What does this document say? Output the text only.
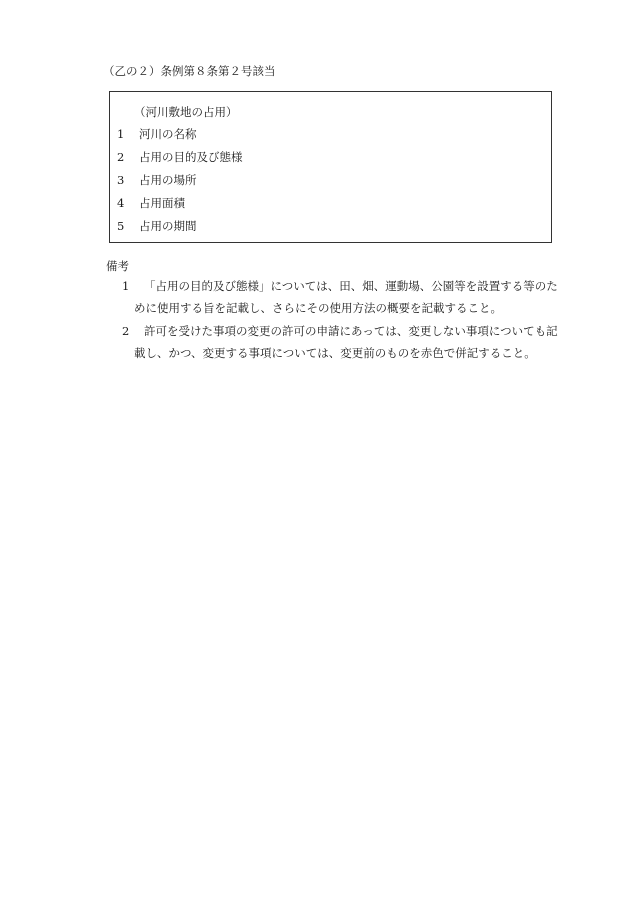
（乙の２）条例第８条第２号該当
（河川敷地の占用）
1 河川の名称
2 占用の目的及び態様
3 占用の場所
4 占用面積
5 占用の期間
備考
1 「占用の目的及び態様」については、田、畑、運動場、公園等を設置する等のた
めに使用する旨を記載し、さらにその使用方法の概要を記載すること。
2 許可を受けた事項の変更の許可の申請にあっては、変更しない事項についても記
載し、かつ、変更する事項については、変更前のものを赤色で併記すること。
